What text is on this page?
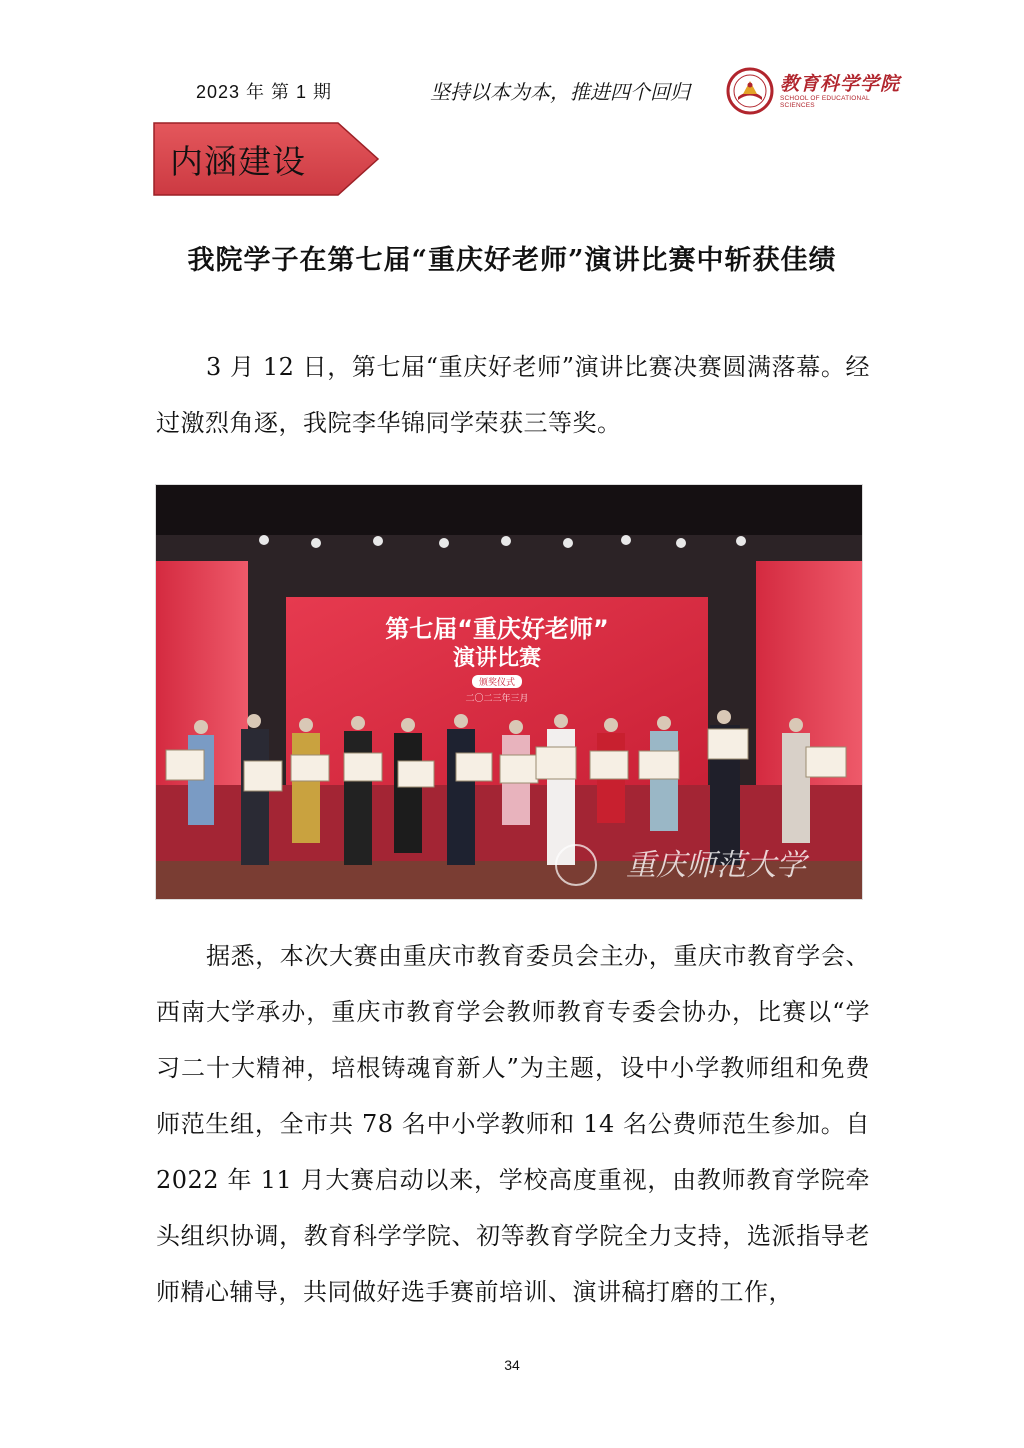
2023 年 第 1 期	坚持以本为本，推进四个回归	教育科学学院
SCHOOL OF EDUCATIONAL SCIENCES
内涵建设
我院学子在第七届“重庆好老师”演讲比赛中斩获佳绩

3 月 12 日，第七届“重庆好老师”演讲比赛决赛圆满落幕。经过激烈角逐，我院李华锦同学荣获三等奖。

第七届“重庆好老师”
演讲比赛
颁奖仪式
二〇二三年三月
重庆师范大学

据悉，本次大赛由重庆市教育委员会主办，重庆市教育学会、西南大学承办，重庆市教育学会教师教育专委会协办，比赛以“学习二十大精神，培根铸魂育新人”为主题，设中小学教师组和免费师范生组，全市共 78 名中小学教师和 14 名公费师范生参加。自 2022 年 11 月大赛启动以来，学校高度重视，由教师教育学院牵头组织协调，教育科学学院、初等教育学院全力支持，选派指导老师精心辅导，共同做好选手赛前培训、演讲稿打磨的工作，

34
